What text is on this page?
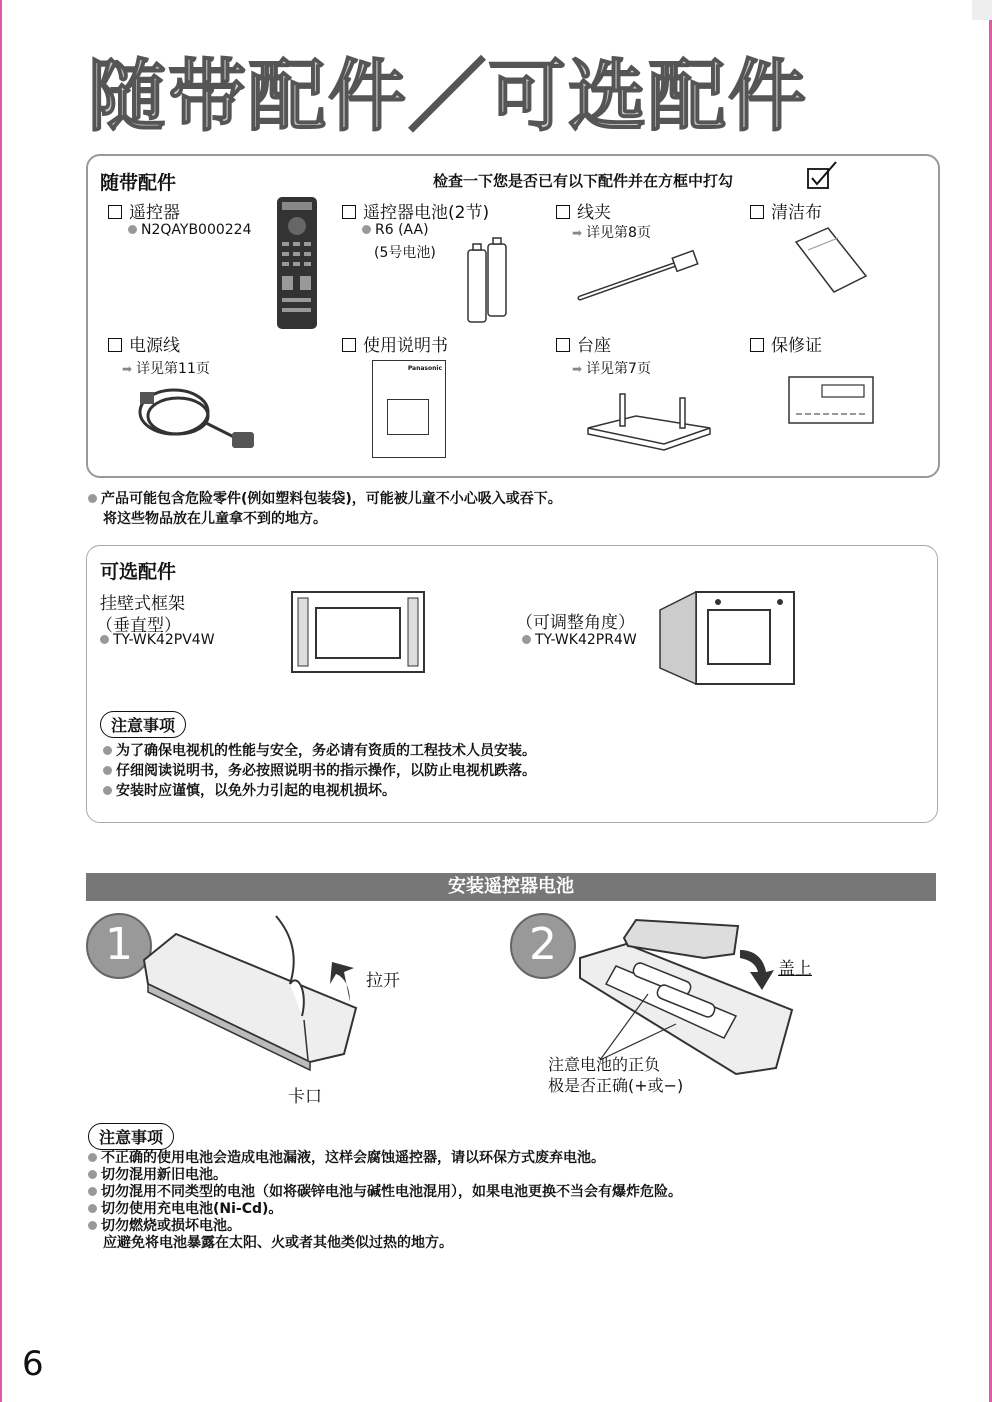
随带配件／可选配件
随带配件	检查一下您是否已有以下配件并在方框中打勾
遥控器
N2QAYB000224
遥控器电池(2节)
R6 (AA)
(5号电池)
线夹
➡ 详见第8页
清洁布
电源线
➡ 详见第11页
使用说明书
Panasonic
台座
➡ 详见第7页
保修证
产品可能包含危险零件(例如塑料包装袋)，可能被儿童不小心吸入或吞下。
将这些物品放在儿童拿不到的地方。
可选配件
挂壁式框架
（垂直型）
TY-WK42PV4W
（可调整角度）
TY-WK42PR4W
注意事项
为了确保电视机的性能与安全，务必请有资质的工程技术人员安装。
仔细阅读说明书，务必按照说明书的指示操作，以防止电视机跌落。
安装时应谨慎，以免外力引起的电视机损坏。
安装遥控器电池
1
拉开
卡口
2	盖上
注意电池的正负
极是否正确(+或−)
注意事项
不正确的使用电池会造成电池漏液，这样会腐蚀遥控器，请以环保方式废弃电池。
切勿混用新旧电池。
切勿混用不同类型的电池（如将碳锌电池与碱性电池混用），如果电池更换不当会有爆炸危险。
切勿使用充电电池(Ni-Cd)。
切勿燃烧或损坏电池。
应避免将电池暴露在太阳、火或者其他类似过热的地方。
6
